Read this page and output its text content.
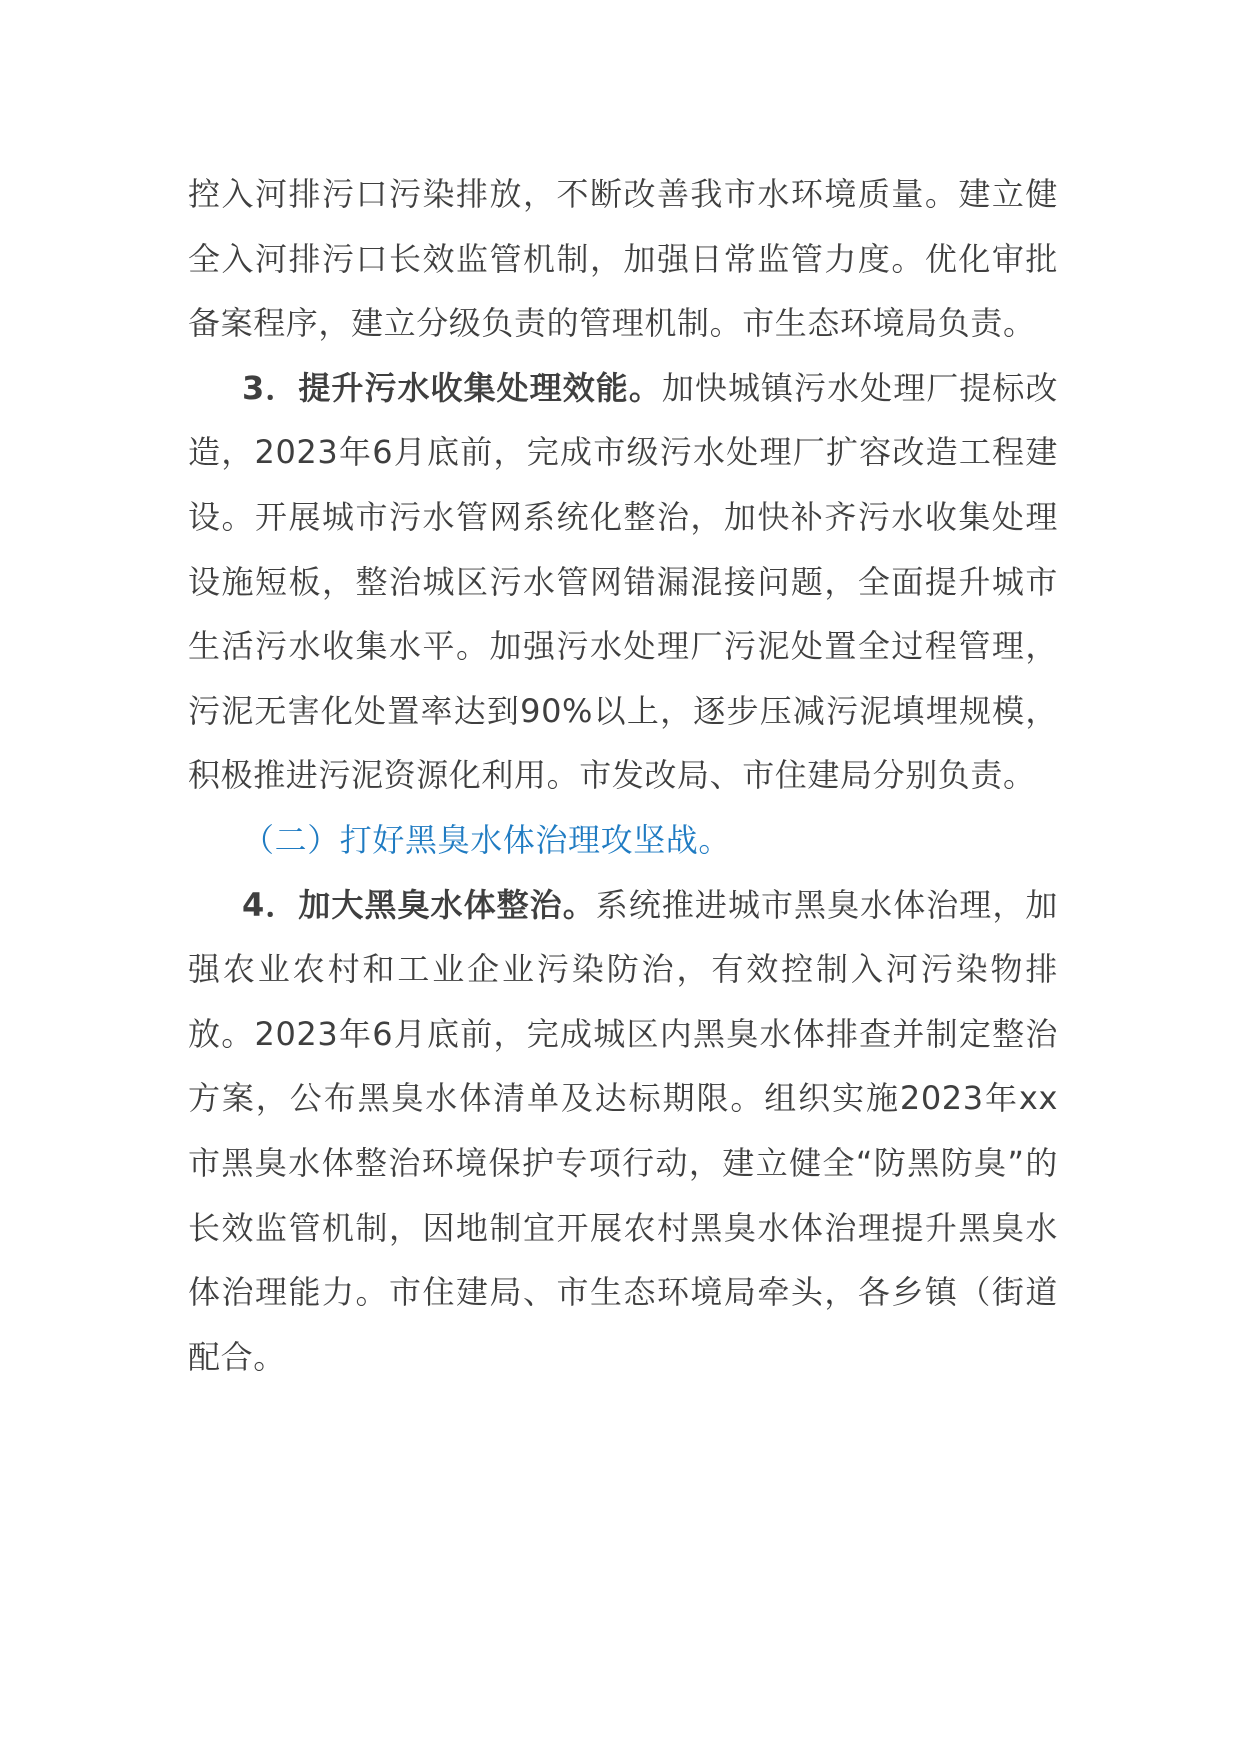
控入河排污口污染排放，不断改善我市水环境质量。建立健全入河排污口长效监管机制，加强日常监管力度。优化审批备案程序，建立分级负责的管理机制。市生态环境局负责。

3．提升污水收集处理效能。加快城镇污水处理厂提标改造，2023年6月底前，完成市级污水处理厂扩容改造工程建设。开展城市污水管网系统化整治，加快补齐污水收集处理设施短板，整治城区污水管网错漏混接问题，全面提升城市生活污水收集水平。加强污水处理厂污泥处置全过程管理，污泥无害化处置率达到90%以上，逐步压减污泥填埋规模，积极推进污泥资源化利用。市发改局、市住建局分别负责。

（二）打好黑臭水体治理攻坚战。

4．加大黑臭水体整治。系统推进城市黑臭水体治理，加强农业农村和工业企业污染防治，有效控制入河污染物排放。2023年6月底前，完成城区内黑臭水体排查并制定整治方案，公布黑臭水体清单及达标期限。组织实施2023年xx市黑臭水体整治环境保护专项行动，建立健全“防黑防臭”的长效监管机制，因地制宜开展农村黑臭水体治理提升黑臭水体治理能力。市住建局、市生态环境局牵头，各乡镇（街道配合。
